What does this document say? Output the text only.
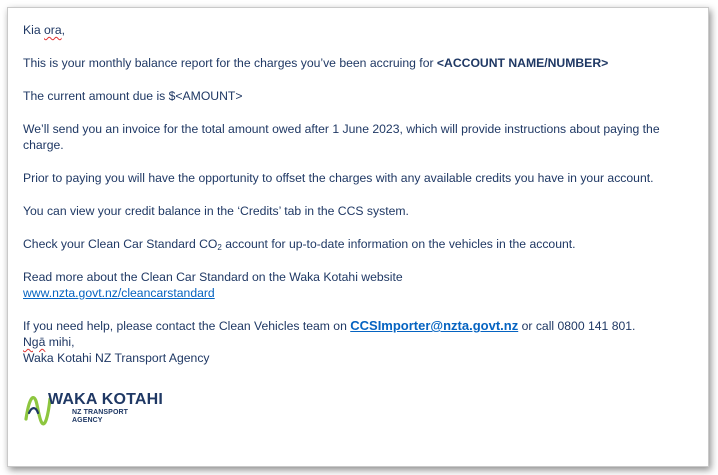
Kia ora,

This is your monthly balance report for the charges you’ve been accruing for <ACCOUNT NAME/NUMBER>

The current amount due is $<AMOUNT>

We’ll send you an invoice for the total amount owed after 1 June 2023, which will provide instructions about paying the charge.

Prior to paying you will have the opportunity to offset the charges with any available credits you have in your account.

You can view your credit balance in the ‘Credits’ tab in the CCS system.

Check your Clean Car Standard $CO_2$ account for up-to-date information on the vehicles in the account.

Read more about the Clean Car Standard on the Waka Kotahi website

www.nzta.govt.nz/cleancarstandard

If you need help, please contact the Clean Vehicles team on CCSImporter@nzta.govt.nz or call 0800 141 801.

Ngā mihi,

Waka Kotahi NZ Transport Agency

WAKA KOTAHI
NZ TRANSPORT
AGENCY
